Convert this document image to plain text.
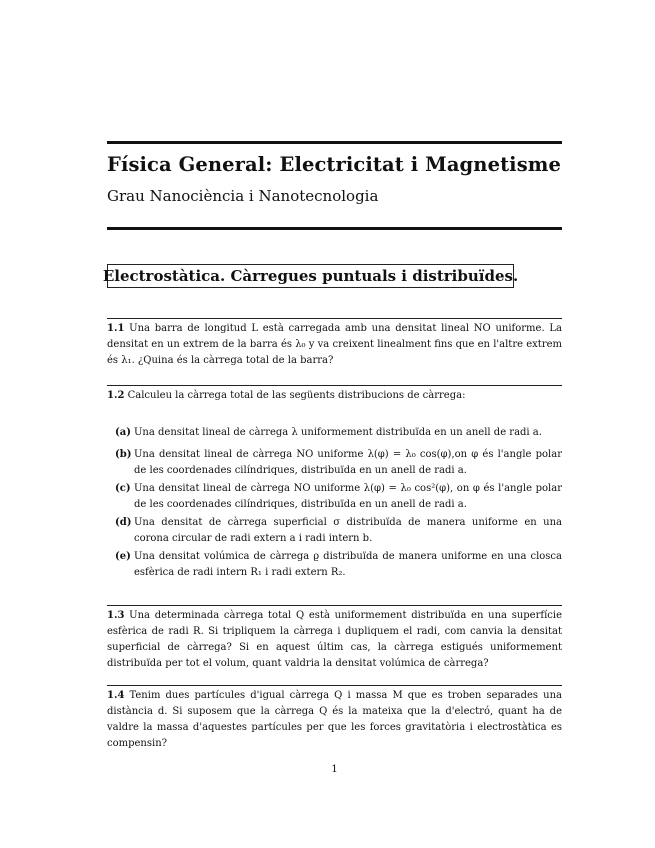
Física General: Electricitat i Magnetisme
Grau Nanociència i Nanotecnologia
Electrostàtica. Càrregues puntuals i distribuïdes.
1.1 Una barra de longitud L està carregada amb una densitat lineal NO uniforme. La densitat en un extrem de la barra és λ₀ y va creixent linealment fins que en l'altre extrem és λ₁. ¿Quina és la càrrega total de la barra?
1.2 Calculeu la càrrega total de las següents distribucions de càrrega:
(a) Una densitat lineal de càrrega λ uniformement distribuïda en un anell de radi a.
(b) Una densitat lineal de càrrega NO uniforme λ(φ) = λ₀ cos(φ),on φ és l'angle polar de les coordenades cilíndriques, distribuïda en un anell de radi a.
(c) Una densitat lineal de càrrega NO uniforme λ(φ) = λ₀ cos²(φ), on φ és l'angle polar de les coordenades cilíndriques, distribuïda en un anell de radi a.
(d) Una densitat de càrrega superficial σ distribuïda de manera uniforme en una corona circular de radi extern a i radi intern b.
(e) Una densitat volúmica de càrrega ϱ distribuïda de manera uniforme en una closca esfèrica de radi intern R₁ i radi extern R₂.
1.3 Una determinada càrrega total Q està uniformement distribuïda en una superfície esfèrica de radi R. Si tripliquem la càrrega i dupliquem el radi, com canvia la densitat superficial de càrrega? Si en aquest últim cas, la càrrega estigués uniformement distribuïda per tot el volum, quant valdria la densitat volúmica de càrrega?
1.4 Tenim dues partícules d'igual càrrega Q i massa M que es troben separades una distància d. Si suposem que la càrrega Q és la mateixa que la d'electró, quant ha de valdre la massa d'aquestes partícules per que les forces gravitatòria i electrostàtica es compensin?
1
